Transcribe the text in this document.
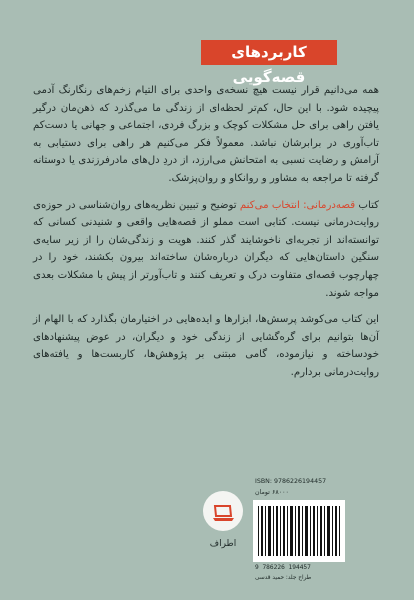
کاربردهای قصه‌گویی

همه می‌دانیم قرار نیست هیچ نسخه‌ی واحدی برای التیام زخم‌های رنگارنگ آدمی پیچیده شود. با این حال، کم‌تر لحظه‌ای از زندگی ما می‌گذرد که ذهن‌مان درگیر یافتن راهی برای حل مشکلات کوچک و بزرگ فردی، اجتماعی و جهانی یا دست‌کم تاب‌آوری در برابرشان نباشد. معمولاً فکر می‌کنیم هر راهی برای دستیابی به آرامش و رضایت نسبی به امتحانش می‌ارزد، از دردِ دل‌های مادرفرزندی یا دوستانه گرفته تا مراجعه به مشاور و روانکاو و روان‌پزشک.

کتاب قصه‌درمانی: انتخاب می‌کنم توضیح و تبیین نظریه‌های روان‌شناسی در حوزه‌ی روایت‌درمانی نیست. کتابی است مملو از قصه‌هایی واقعی و شنیدنی کسانی که توانسته‌اند از تجربه‌ای ناخوشایند گذر کنند. هویت و زندگی‌شان را از زیر سایه‌ی سنگین داستان‌هایی که دیگران درباره‌شان ساخته‌اند بیرون بکشند، خود را در چهارچوب قصه‌ای متفاوت درک و تعریف کنند و تاب‌آورتر از پیش با مشکلات بعدی مواجه شوند.

این کتاب می‌کوشد پرسش‌ها، ابزارها و ایده‌هایی در اختیارمان بگذارد که با الهام از آن‌ها بتوانیم برای گره‌گشایی از زندگی خود و دیگران، در عوض پیشنهادهای خودساخته و نیازموده، گامی مبتنی بر پژوهش‌ها، کاربست‌ها و یافته‌های روایت‌درمانی بردارم.

اطراف
ISBN: 9786226194457
۶۸۰۰۰ تومان
9 786226 194457
طراح جلد: حمید قدسی
